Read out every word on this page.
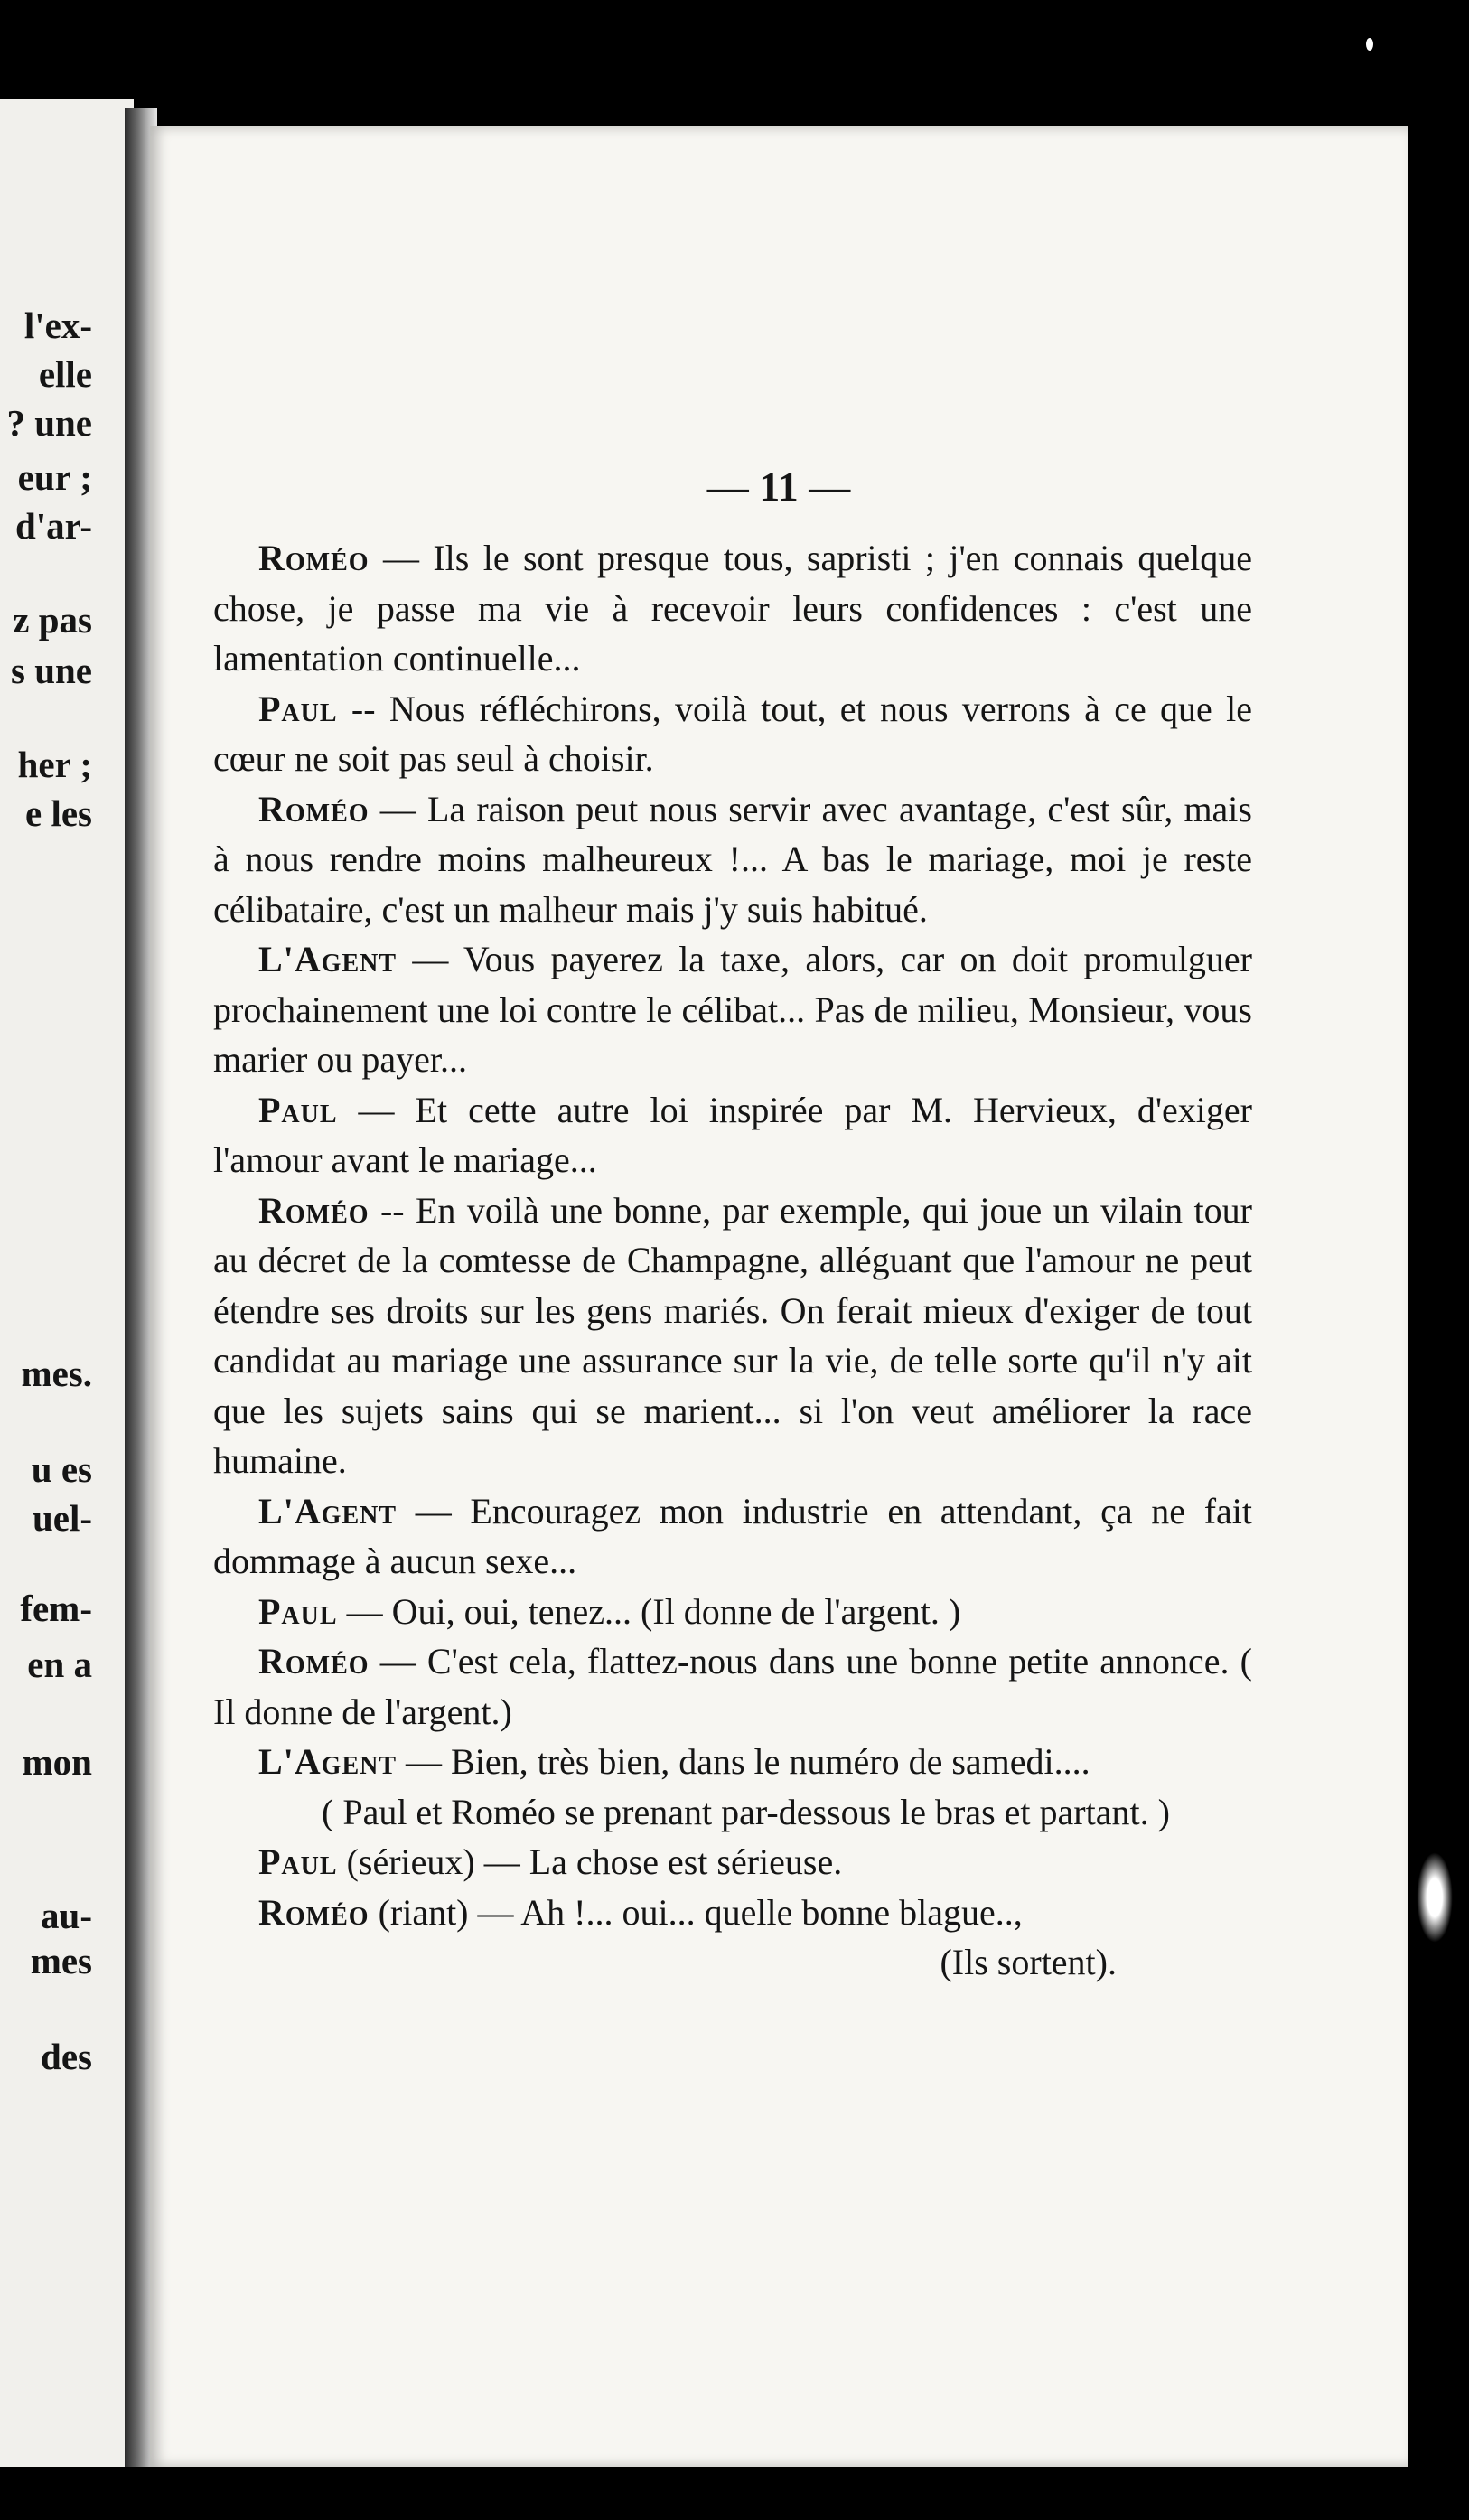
l'ex-
elle
? une
eur ;
d'ar-
z pas
s une
her ;
e les
mes.
u es
uel-
fem-
en a
mon
au-
mes
des
— 11 —

Roméo — Ils le sont presque tous, sapristi ; j'en connais quelque chose, je passe ma vie à recevoir leurs confidences : c'est une lamentation continuelle...

Paul -- Nous réfléchirons, voilà tout, et nous verrons à ce que le cœur ne soit pas seul à choisir.

Roméo — La raison peut nous servir avec avantage, c'est sûr, mais à nous rendre moins malheureux !... A bas le mariage, moi je reste célibataire, c'est un malheur mais j'y suis habitué.

L'Agent — Vous payerez la taxe, alors, car on doit promulguer prochainement une loi contre le célibat... Pas de milieu, Monsieur, vous marier ou payer...

Paul — Et cette autre loi inspirée par M. Hervieux, d'exiger l'amour avant le mariage...

Roméo -- En voilà une bonne, par exemple, qui joue un vilain tour au décret de la comtesse de Champagne, alléguant que l'amour ne peut étendre ses droits sur les gens mariés. On ferait mieux d'exiger de tout candidat au mariage une assurance sur la vie, de telle sorte qu'il n'y ait que les sujets sains qui se marient... si l'on veut améliorer la race humaine.

L'Agent — Encouragez mon industrie en attendant, ça ne fait dommage à aucun sexe...

Paul — Oui, oui, tenez... (Il donne de l'argent. )

Roméo — C'est cela, flattez-nous dans une bonne petite annonce. ( Il donne de l'argent.)

L'Agent — Bien, très bien, dans le numéro de samedi....

( Paul et Roméo se prenant par-dessous le bras et partant. )

Paul (sérieux) — La chose est sérieuse.

Roméo (riant) — Ah !... oui... quelle bonne blague..,

(Ils sortent).
